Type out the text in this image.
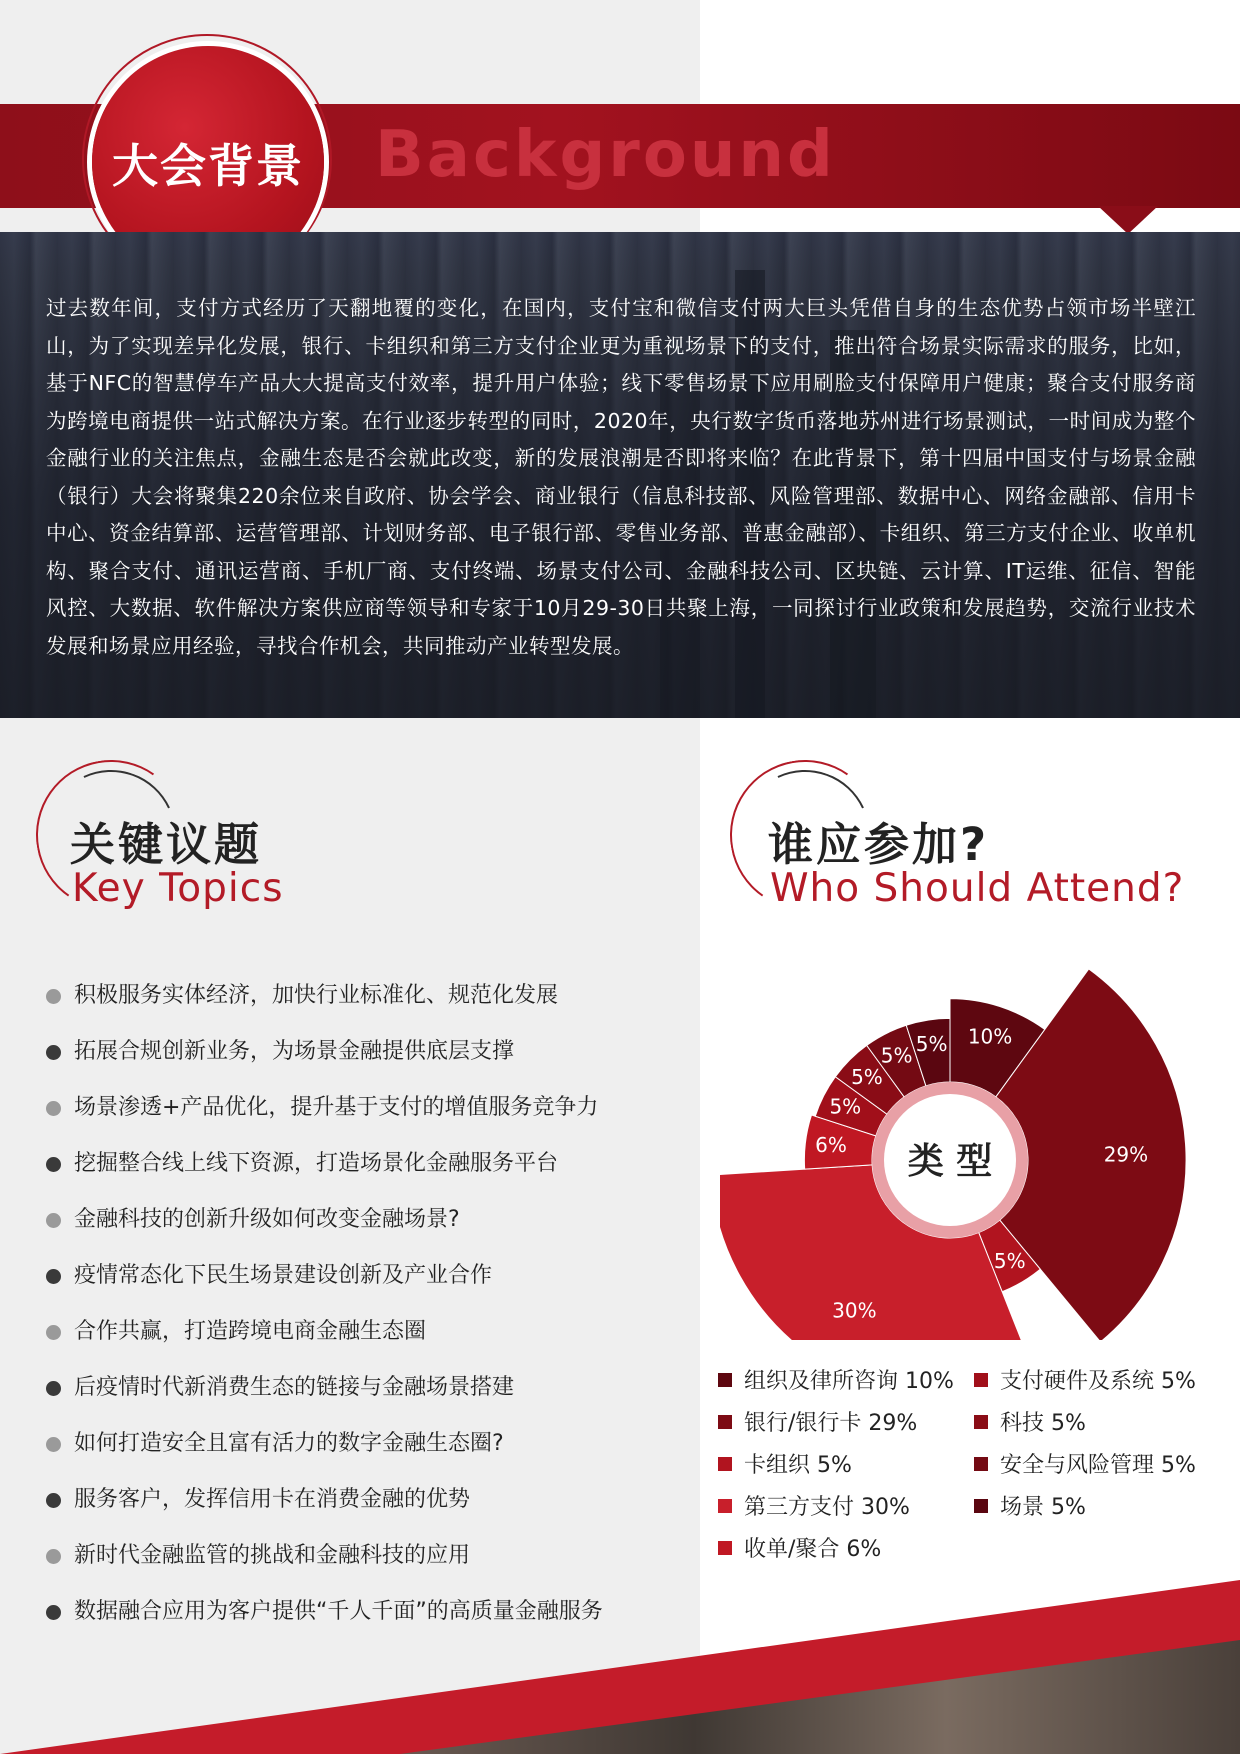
大会背景	Background

过去数年间，支付方式经历了天翻地覆的变化，在国内，支付宝和微信支付两大巨头凭借自身的生态优势占领市场半壁江山，为了实现差异化发展，银行、卡组织和第三方支付企业更为重视场景下的支付，推出符合场景实际需求的服务，比如，基于NFC的智慧停车产品大大提高支付效率，提升用户体验；线下零售场景下应用刷脸支付保障用户健康；聚合支付服务商为跨境电商提供一站式解决方案。在行业逐步转型的同时，2020年，央行数字货币落地苏州进行场景测试，一时间成为整个金融行业的关注焦点，金融生态是否会就此改变，新的发展浪潮是否即将来临？在此背景下，第十四届中国支付与场景金融（银行）大会将聚集220余位来自政府、协会学会、商业银行（信息科技部、风险管理部、数据中心、网络金融部、信用卡中心、资金结算部、运营管理部、计划财务部、电子银行部、零售业务部、普惠金融部）、卡组织、第三方支付企业、收单机构、聚合支付、通讯运营商、手机厂商、支付终端、场景支付公司、金融科技公司、区块链、云计算、IT运维、征信、智能风控、大数据、软件解决方案供应商等领导和专家于10月29-30日共聚上海，一同探讨行业政策和发展趋势，交流行业技术发展和场景应用经验，寻找合作机会，共同推动产业转型发展。

关键议题
Key Topics
积极服务实体经济，加快行业标准化、规范化发展
拓展合规创新业务，为场景金融提供底层支撑
场景渗透+产品优化，提升基于支付的增值服务竞争力
挖掘整合线上线下资源，打造场景化金融服务平台
金融科技的创新升级如何改变金融场景?
疫情常态化下民生场景建设创新及产业合作
合作共赢，打造跨境电商金融生态圈
后疫情时代新消费生态的链接与金融场景搭建
如何打造安全且富有活力的数字金融生态圈?
服务客户，发挥信用卡在消费金融的优势
新时代金融监管的挑战和金融科技的应用
数据融合应用为客户提供“千人千面”的高质量金融服务
谁应参加?
Who Should Attend?
10%
29%
5%
30%
6%
5%
5%
5% 5%
类 型
组织及律所咨询 10%
银行/银行卡 29%
卡组织 5%
第三方支付 30%
收单/聚合 6%
支付硬件及系统 5%
科技 5%
安全与风险管理 5%
场景 5%
